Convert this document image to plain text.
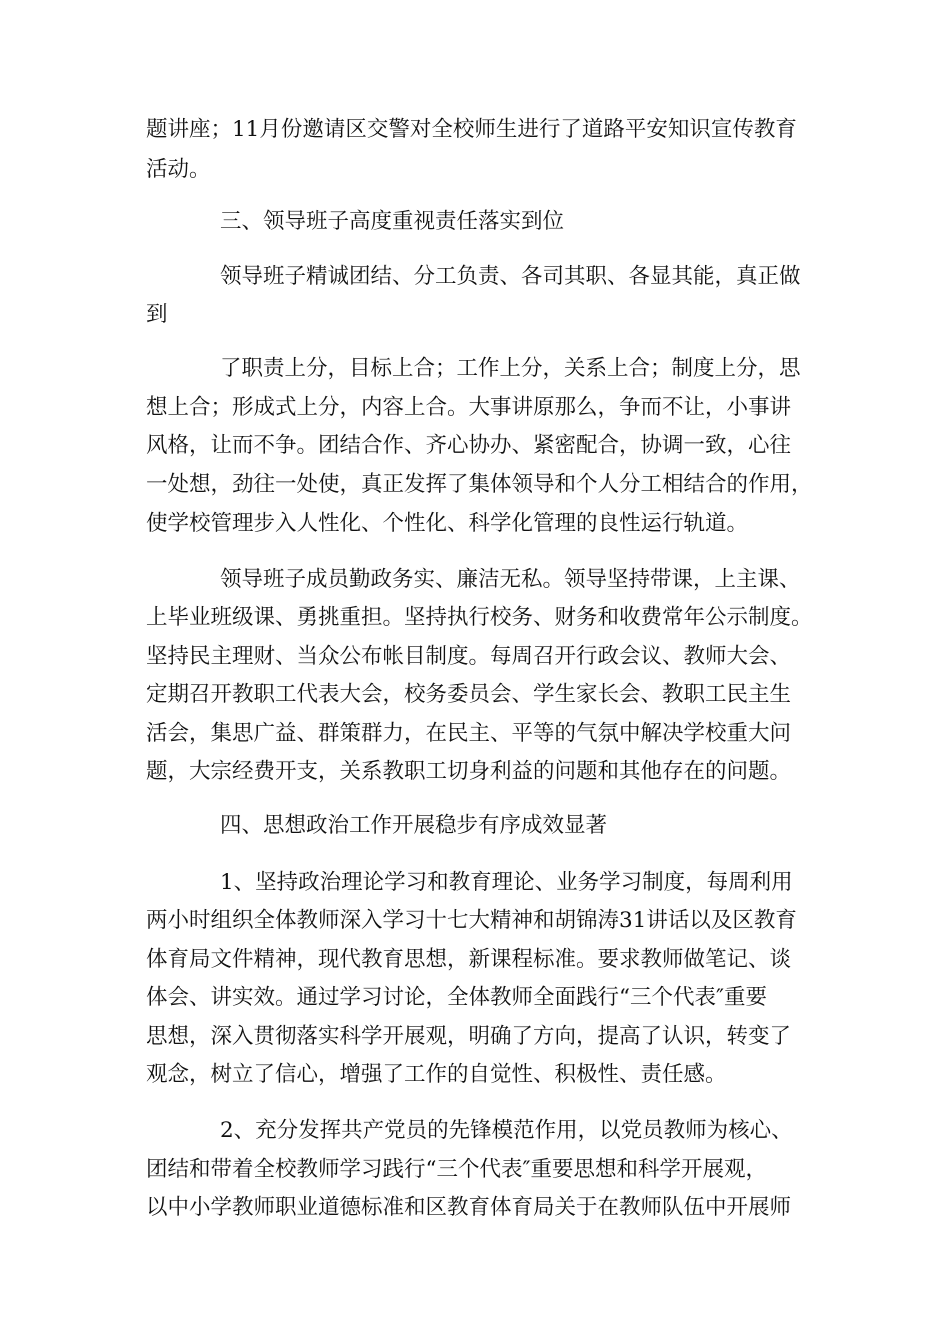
题讲座；11月份邀请区交警对全校师生进行了道路平安知识宣传教育

活动。

三、领导班子高度重视责任落实到位

领导班子精诚团结、分工负责、各司其职、各显其能，真正做

到

了职责上分，目标上合；工作上分，关系上合；制度上分，思

想上合；形成式上分，内容上合。大事讲原那么，争而不让，小事讲

风格，让而不争。团结合作、齐心协办、紧密配合，协调一致，心往

一处想，劲往一处使，真正发挥了集体领导和个人分工相结合的作用，

使学校管理步入人性化、个性化、科学化管理的良性运行轨道。

领导班子成员勤政务实、廉洁无私。领导坚持带课，上主课、

上毕业班级课、勇挑重担。坚持执行校务、财务和收费常年公示制度。

坚持民主理财、当众公布帐目制度。每周召开行政会议、教师大会、

定期召开教职工代表大会，校务委员会、学生家长会、教职工民主生

活会，集思广益、群策群力，在民主、平等的气氛中解决学校重大问

题，大宗经费开支，关系教职工切身利益的问题和其他存在的问题。

四、思想政治工作开展稳步有序成效显著

1、坚持政治理论学习和教育理论、业务学习制度，每周利用

两小时组织全体教师深入学习十七大精神和胡锦涛31讲话以及区教育

体育局文件精神，现代教育思想，新课程标准。要求教师做笔记、谈

体会、讲实效。通过学习讨论，全体教师全面践行“三个代表″重要

思想，深入贯彻落实科学开展观，明确了方向，提高了认识，转变了

观念，树立了信心，增强了工作的自觉性、积极性、责任感。

2、充分发挥共产党员的先锋模范作用，以党员教师为核心、

团结和带着全校教师学习践行“三个代表″重要思想和科学开展观，

以中小学教师职业道德标准和区教育体育局关于在教师队伍中开展师
